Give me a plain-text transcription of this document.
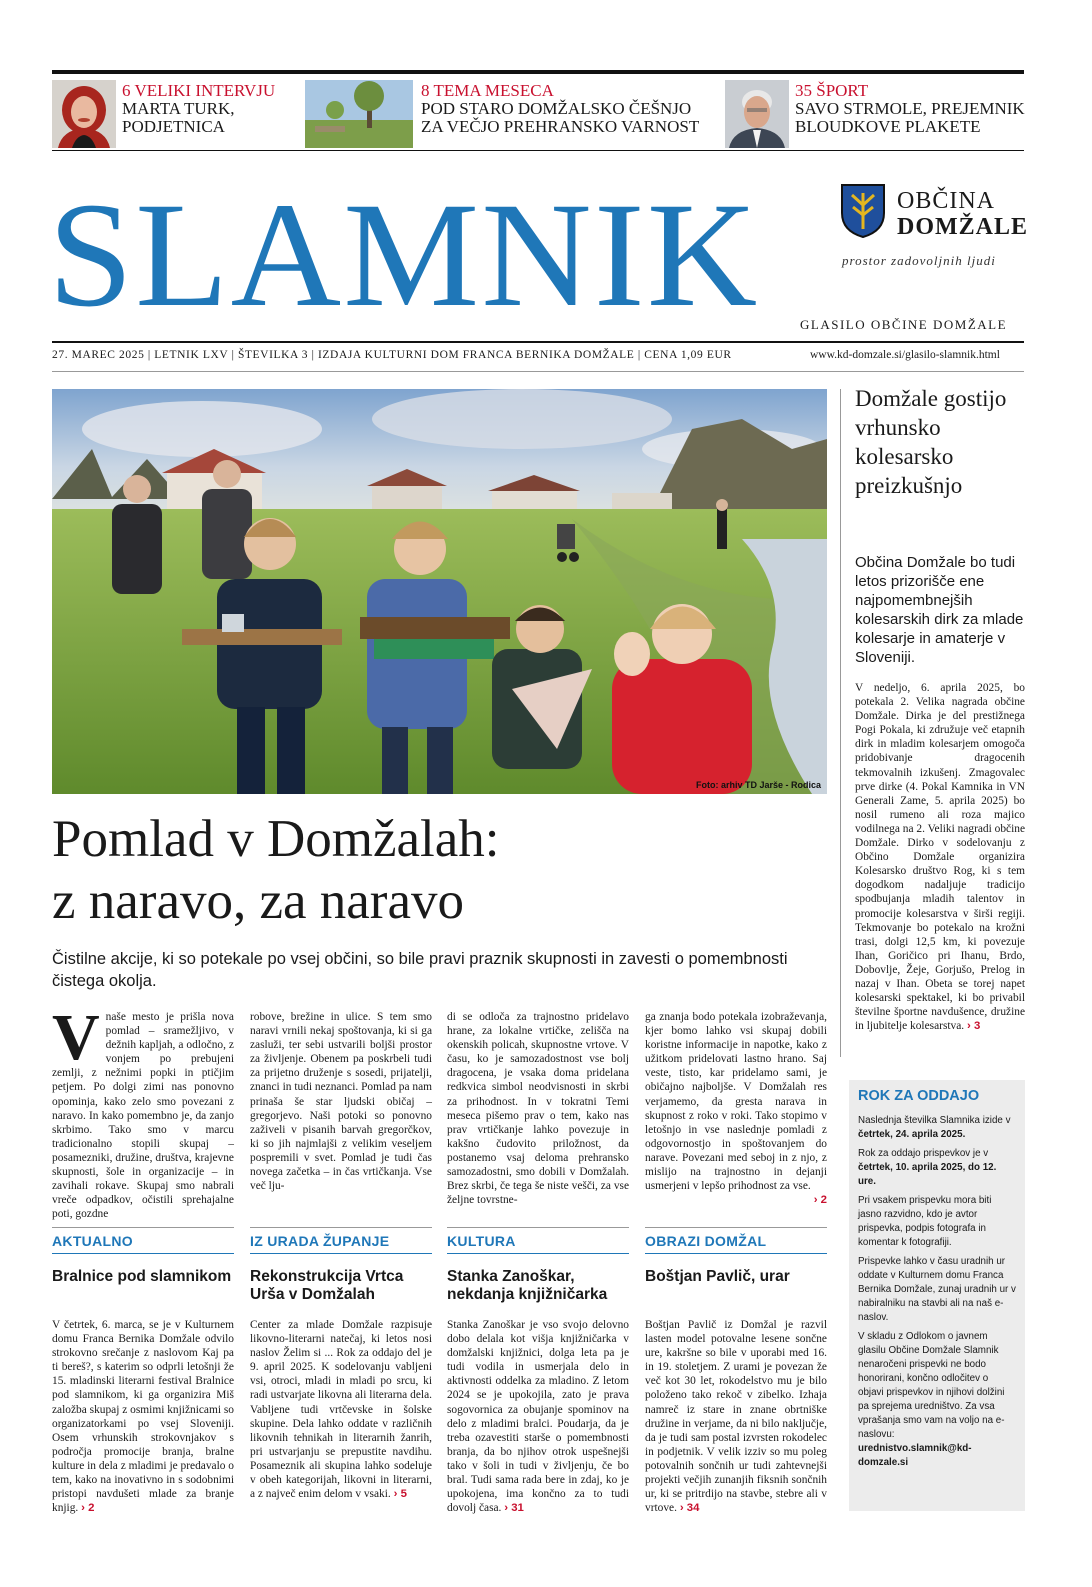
6 VELIKI INTERVJU
MARTA TURK,
PODJETNICA
8 TEMA MESECA
POD STARO DOMŽALSKO ČEŠNJO
ZA VEČJO PREHRANSKO VARNOST
35 ŠPORT
SAVO STRMOLE, PREJEMNIK
BLOUDKOVE PLAKETE
SLAMNIK	OBČINA
DOMŽALE
prostor zadovoljnih ljudi
GLASILO OBČINE DOMŽALE
27. MAREC 2025 | LETNIK LXV | ŠTEVILKA 3 | IZDAJA KULTURNI DOM FRANCA BERNIKA DOMŽALE | CENA 1,09 EUR	www.kd-domzale.si/glasilo-slamnik.html
Foto: arhiv TD Jarše - Rodica
Pomlad v Domžalah:
z naravo, za naravo
Čistilne akcije, ki so potekale po vsej občini, so bile pravi praznik skupnosti in zavesti o pomembnosti čistega okolja.
Vnaše mesto je prišla nova pomlad – sramežljivo, v dežnih kapljah, a odločno, z vonjem po prebujeni zemlji, z nežnimi popki in ptičjim petjem. Po dolgi zimi nas ponovno opominja, kako zelo smo povezani z naravo. In kako pomembno je, da zanjo skrbimo. Tako smo v marcu tradicionalno stopili skupaj – posamezniki, družine, društva, krajevne skupnosti, šole in organizacije – in zavihali rokave. Skupaj smo nabrali vreče odpadkov, očistili sprehajalne poti, gozdne
robove, brežine in ulice. S tem smo naravi vrnili nekaj spoštovanja, ki si ga zasluži, ter sebi ustvarili boljši prostor za življenje. Obenem pa poskrbeli tudi za prijetno druženje s sosedi, prijatelji, znanci in tudi neznanci. Pomlad pa nam prinaša še star ljudski običaj – gregorjevo. Naši potoki so ponovno zaživeli v pisanih barvah gregorčkov, ki so jih najmlajši z velikim veseljem pospremili v svet. Pomlad je tudi čas novega začetka – in čas vrtičkanja. Vse več lju-
di se odloča za trajnostno pridelavo hrane, za lokalne vrtičke, zelišča na okenskih policah, skupnostne vrtove. V času, ko je samozadostnost vse bolj dragocena, je vsaka doma pridelana redkvica simbol neodvisnosti in skrbi za prihodnost. In v tokratni Temi meseca pišemo prav o tem, kako nas prav vrtičkanje lahko povezuje in kakšno čudovito priložnost, da postanemo vsaj deloma prehransko samozadostni, smo dobili v Domžalah. Brez skrbi, če tega še niste vešči, za vse željne tovrstne-
ga znanja bodo potekala izobraževanja, kjer bomo lahko vsi skupaj dobili koristne informacije in napotke, kako z užitkom pridelovati lastno hrano. Saj veste, tisto, kar pridelamo sami, je običajno najboljše. V Domžalah res verjamemo, da gresta narava in skupnost z roko v roki. Tako stopimo v letošnjo in vse naslednje pomladi z odgovornostjo in spoštovanjem do narave. Povezani med seboj in z njo, z mislijo na trajnostno in dejanji usmerjeni v lepšo prihodnost za vse.
› 2
AKTUALNO
Bralnice pod slamnikom
V četrtek, 6. marca, se je v Kulturnem domu Franca Bernika Domžale odvilo strokovno srečanje z naslovom Kaj pa ti bereš?, s katerim so odprli letošnji že 15. mladinski literarni festival Bralnice pod slamnikom, ki ga organizira Miš založba skupaj z osmimi knjižnicami so organizatorkami po vsej Sloveniji. Osem vrhunskih strokovnjakov s področja promocije branja, bralne kulture in dela z mladimi je predavalo o tem, kako na inovativno in s sodobnimi pristopi navdušeti mlade za branje knjig. › 2
IZ URADA ŽUPANJE
Rekonstrukcija Vrtca Urša v Domžalah
Center za mlade Domžale razpisuje likovno-literarni natečaj, ki letos nosi naslov Želim si ... Rok za oddajo del je 9. april 2025. K sodelovanju vabljeni vsi, otroci, mladi in mladi po srcu, ki radi ustvarjate likovna ali literarna dela. Vabljene tudi vrtčevske in šolske skupine. Dela lahko oddate v različnih likovnih tehnikah in literarnih žanrih, pri ustvarjanju se prepustite navdihu. Posameznik ali skupina lahko sodeluje v obeh kategorijah, likovni in literarni, a z največ enim delom v vsaki. › 5
KULTURA
Stanka Zanoškar, nekdanja knjižničarka
Stanka Zanoškar je vso svojo delovno dobo delala kot višja knjižničarka v domžalski knjižnici, dolga leta pa je tudi vodila in usmerjala delo in aktivnosti oddelka za mladino. Z letom 2024 se je upokojila, zato je prava sogovornica za obujanje spominov na delo z mladimi bralci. Poudarja, da je treba ozavestiti starše o pomembnosti branja, da bo njihov otrok uspešnejši tako v šoli in tudi v življenju, če bo bral. Tudi sama rada bere in zdaj, ko je upokojena, ima končno za to tudi dovolj časa. › 31
OBRAZI DOMŽAL
Boštjan Pavlič, urar
Boštjan Pavlič iz Domžal je razvil lasten model potovalne lesene sončne ure, kakršne so bile v uporabi med 16. in 19. stoletjem. Z urami je povezan že več kot 30 let, rokodelstvo mu je bilo položeno tako rekoč v zibelko. Izhaja namreč iz stare in znane obrtniške družine in verjame, da ni bilo naključje, da je tudi sam postal izvrsten rokodelec in podjetnik. V velik izziv so mu poleg potovalnih sončnih ur tudi zahtevnejši projekti večjih zunanjih fiksnih sončnih ur, ki se pritrdijo na stavbe, stebre ali v vrtove. › 34
Domžale gostijo vrhunsko kolesarsko preizkušnjo
Občina Domžale bo tudi letos prizorišče ene najpomembnejših kolesarskih dirk za mlade kolesarje in amaterje v Sloveniji.
V nedeljo, 6. aprila 2025, bo potekala 2. Velika nagrada občine Domžale. Dirka je del prestižnega Pogi Pokala, ki združuje več etapnih dirk in mladim kolesarjem omogoča pridobivanje dragocenih tekmovalnih izkušenj. Zmagovalec prve dirke (4. Pokal Kamnika in VN Generali Zame, 5. aprila 2025) bo nosil rumeno ali roza majico vodilnega na 2. Veliki nagradi občine Domžale. Dirko v sodelovanju z Občino Domžale organizira Kolesarsko društvo Rog, ki s tem dogodkom nadaljuje tradicijo spodbujanja mladih talentov in promocije kolesarstva v širši regiji. Tekmovanje bo potekalo na krožni trasi, dolgi 12,5 km, ki povezuje Ihan, Goričico pri Ihanu, Brdo, Dobovlje, Žeje, Gorjušo, Prelog in nazaj v Ihan. Obeta se torej napet kolesarski spektakel, ki bo privabil številne športne navdušence, družine in ljubitelje kolesarstva. › 3
ROK ZA ODDAJO

Naslednja številka Slamnika izide v četrtek, 24. aprila 2025.

Rok za oddajo prispevkov je v četrtek, 10. aprila 2025, do 12. ure.

Pri vsakem prispevku mora biti jasno razvidno, kdo je avtor prispevka, podpis fotografa in komentar k fotografiji.

Prispevke lahko v času uradnih ur oddate v Kulturnem domu Franca Bernika Domžale, zunaj uradnih ur v nabiralniku na stavbi ali na naš e-naslov.

V skladu z Odlokom o javnem glasilu Občine Domžale Slamnik nenaročeni prispevki ne bodo honorirani, končno odločitev o objavi prispevkov in njihovi dolžini pa sprejema uredništvo. Za vsa vprašanja smo vam na voljo na e-naslovu:
urednistvo.slamnik@kd-domzale.si
